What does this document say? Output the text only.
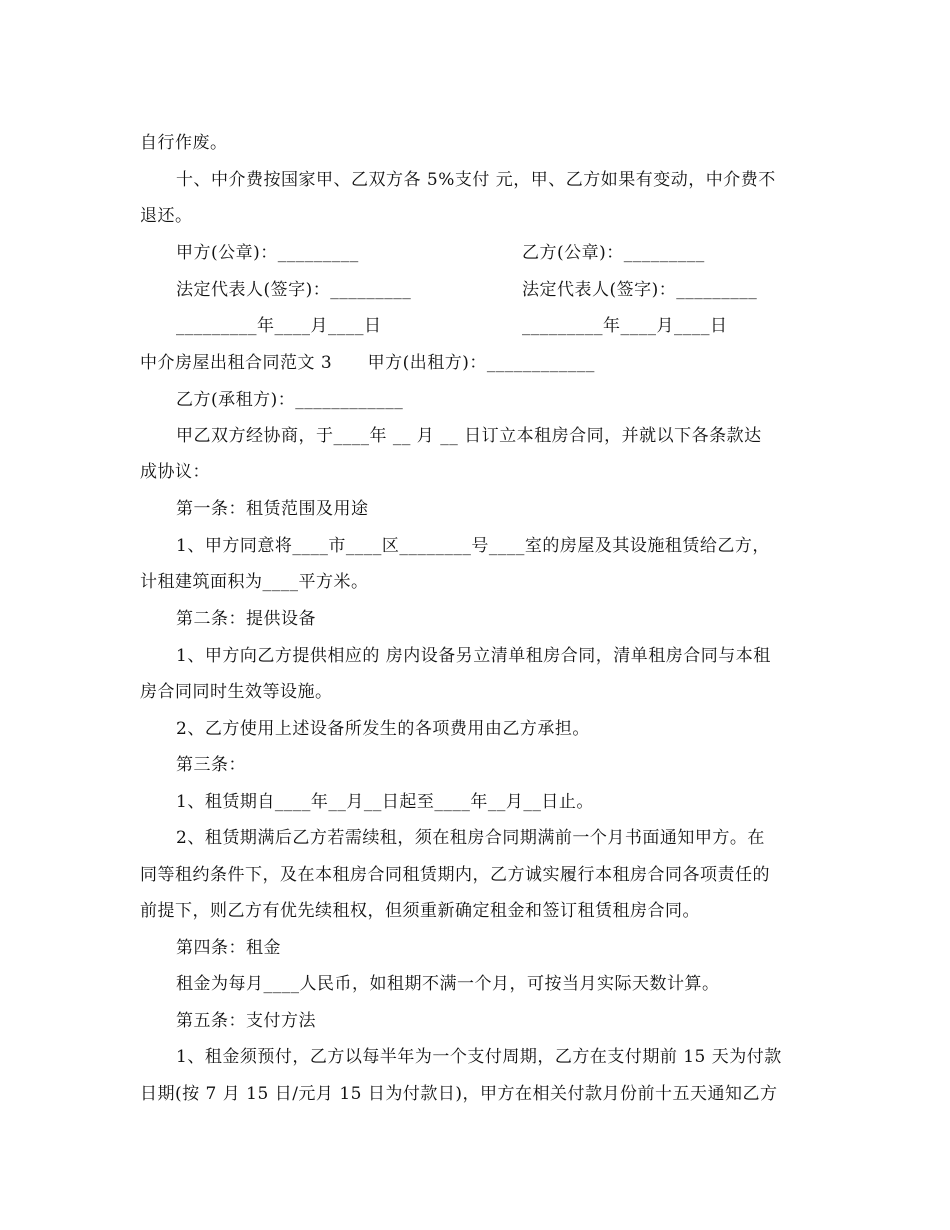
自行作废。
十、中介费按国家甲、乙双方各 5%支付 元，甲、乙方如果有变动，中介费不
退还。
甲方(公章)：_________	乙方(公章)：_________
法定代表人(签字)：_________	法定代表人(签字)：_________
_________年____月____日	_________年____月____日
中介房屋出租合同范文 3      甲方(出租方)：____________
乙方(承租方)：____________
甲乙双方经协商，于____年 __ 月 __ 日订立本租房合同，并就以下各条款达
成协议：
第一条：租赁范围及用途
1、甲方同意将____市____区________号____室的房屋及其设施租赁给乙方，
计租建筑面积为____平方米。
第二条：提供设备
1、甲方向乙方提供相应的 房内设备另立清单租房合同，清单租房合同与本租
房合同同时生效等设施。
2、乙方使用上述设备所发生的各项费用由乙方承担。
第三条：
1、租赁期自____年__月__日起至____年__月__日止。
2、租赁期满后乙方若需续租，须在租房合同期满前一个月书面通知甲方。在
同等租约条件下，及在本租房合同租赁期内，乙方诚实履行本租房合同各项责任的
前提下，则乙方有优先续租权，但须重新确定租金和签订租赁租房合同。
第四条：租金
租金为每月____人民币，如租期不满一个月，可按当月实际天数计算。
第五条：支付方法
1、租金须预付，乙方以每半年为一个支付周期，乙方在支付期前 15 天为付款
日期(按 7 月 15 日/元月 15 日为付款日)，甲方在相关付款月份前十五天通知乙方
